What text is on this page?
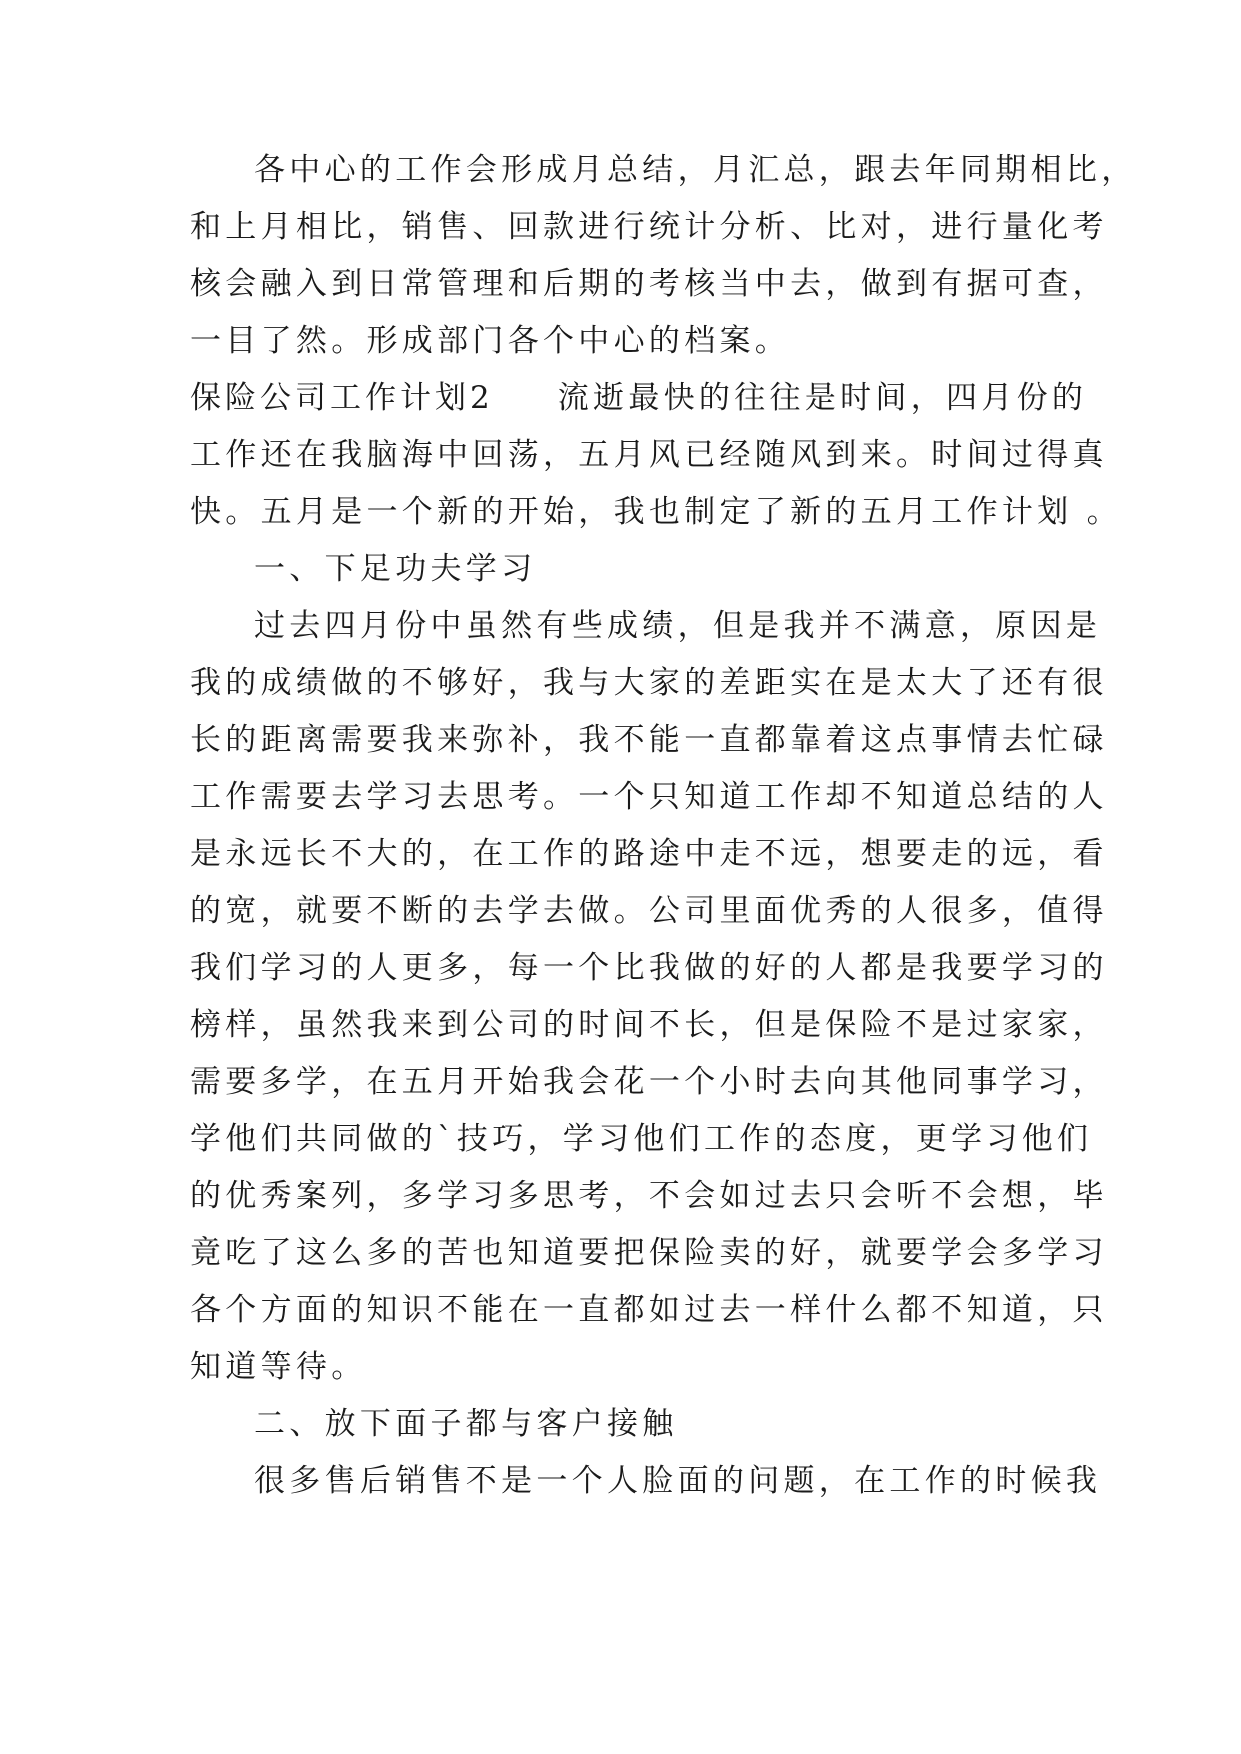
各中心的工作会形成月总结，月汇总，跟去年同期相比，
和上月相比，销售、回款进行统计分析、比对，进行量化考
核会融入到日常管理和后期的考核当中去，做到有据可查，
一目了然。形成部门各个中心的档案。
保险公司工作计划2 流逝最快的往往是时间，四月份的
工作还在我脑海中回荡，五月风已经随风到来。时间过得真
快。五月是一个新的开始，我也制定了新的五月工作计划 。
一、下足功夫学习
过去四月份中虽然有些成绩，但是我并不满意，原因是
我的成绩做的不够好，我与大家的差距实在是太大了还有很
长的距离需要我来弥补，我不能一直都靠着这点事情去忙碌
工作需要去学习去思考。一个只知道工作却不知道总结的人
是永远长不大的，在工作的路途中走不远，想要走的远，看
的宽，就要不断的去学去做。公司里面优秀的人很多，值得
我们学习的人更多，每一个比我做的好的人都是我要学习的
榜样，虽然我来到公司的时间不长，但是保险不是过家家，
需要多学，在五月开始我会花一个小时去向其他同事学习，
学他们共同做的`技巧，学习他们工作的态度，更学习他们
的优秀案列，多学习多思考，不会如过去只会听不会想，毕
竟吃了这么多的苦也知道要把保险卖的好，就要学会多学习
各个方面的知识不能在一直都如过去一样什么都不知道，只
知道等待。
二、放下面子都与客户接触
很多售后销售不是一个人脸面的问题，在工作的时候我
